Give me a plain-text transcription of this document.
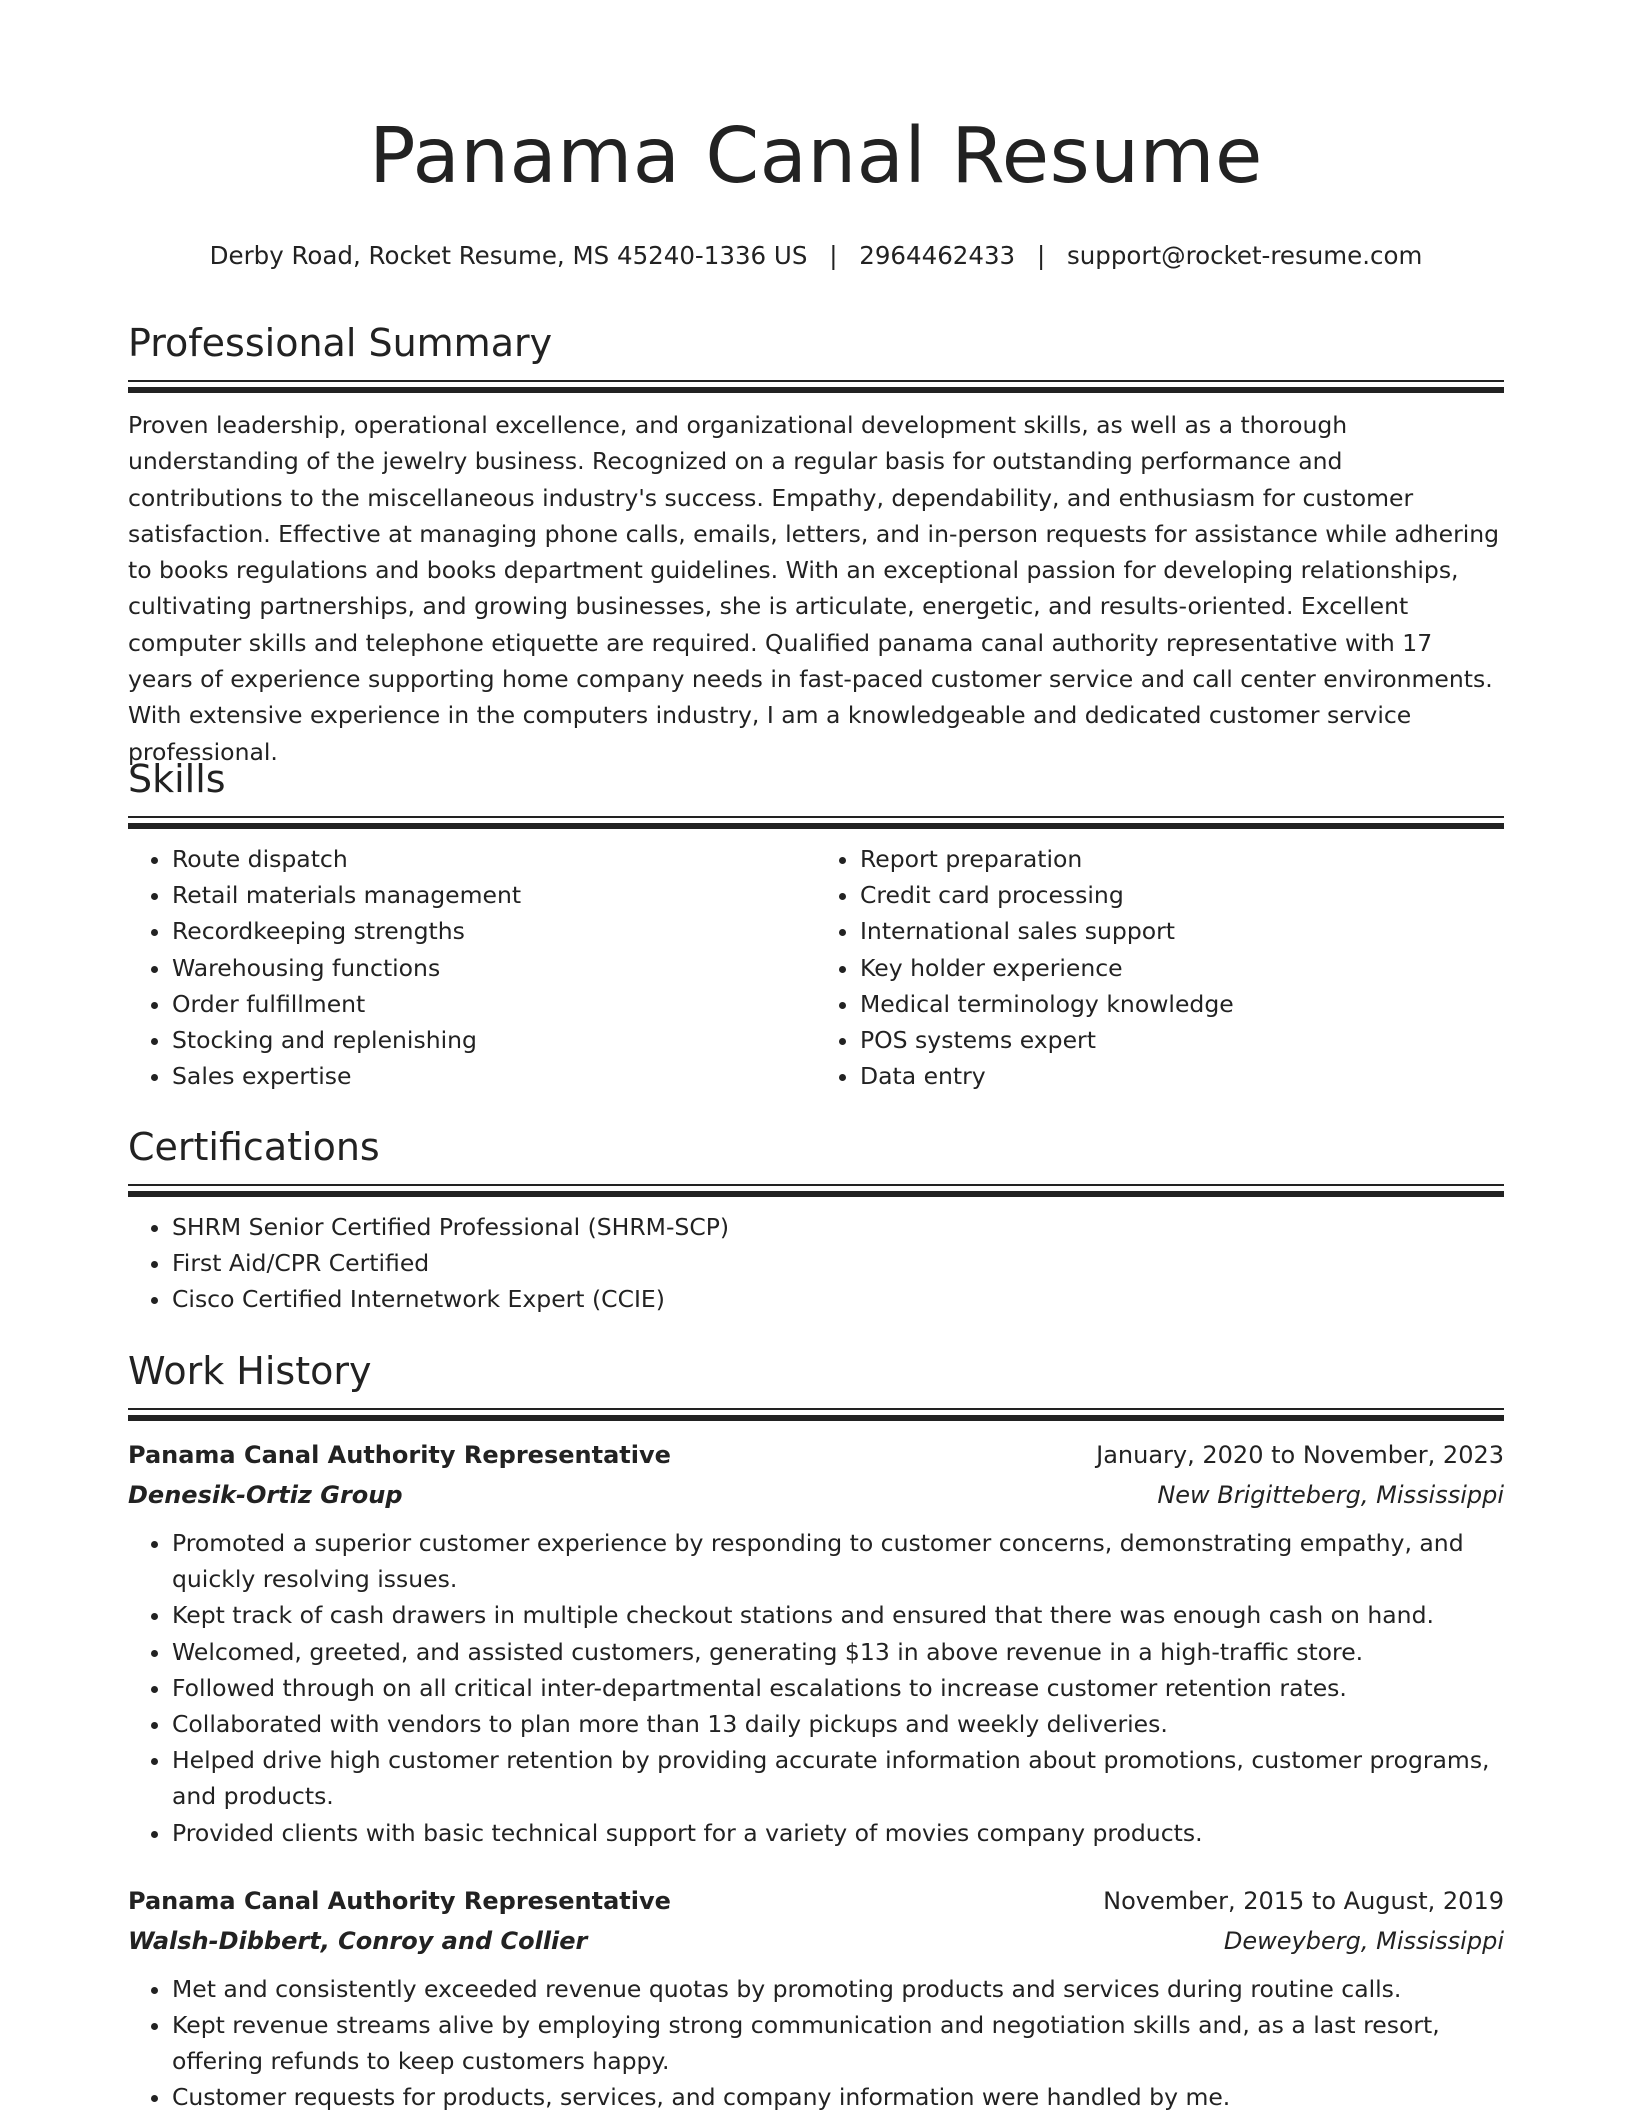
Panama Canal Resume
Derby Road, Rocket Resume, MS 45240-1336 US | 2964462433 | support@rocket-resume.com
Professional Summary

Proven leadership, operational excellence, and organizational development skills, as well as a thorough understanding of the jewelry business. Recognized on a regular basis for outstanding performance and contributions to the miscellaneous industry's success. Empathy, dependability, and enthusiasm for customer satisfaction. Effective at managing phone calls, emails, letters, and in-person requests for assistance while adhering to books regulations and books department guidelines. With an exceptional passion for developing relationships, cultivating partnerships, and growing businesses, she is articulate, energetic, and results-oriented. Excellent computer skills and telephone etiquette are required. Qualified panama canal authority representative with 17 years of experience supporting home company needs in fast-paced customer service and call center environments. With extensive experience in the computers industry, I am a knowledgeable and dedicated customer service professional.

Skills
• Route dispatch
• Retail materials management
• Recordkeeping strengths
• Warehousing functions
• Order fulfillment
• Stocking and replenishing
• Sales expertise
• Report preparation
• Credit card processing
• International sales support
• Key holder experience
• Medical terminology knowledge
• POS systems expert
• Data entry
Certifications
• SHRM Senior Certified Professional (SHRM-SCP)
• First Aid/CPR Certified
• Cisco Certified Internetwork Expert (CCIE)
Work History
Panama Canal Authority Representative	January, 2020 to November, 2023
Denesik-Ortiz Group	New Brigitteberg, Mississippi
• Promoted a superior customer experience by responding to customer concerns, demonstrating empathy, and quickly resolving issues.
• Kept track of cash drawers in multiple checkout stations and ensured that there was enough cash on hand.
• Welcomed, greeted, and assisted customers, generating $13 in above revenue in a high-traffic store.
• Followed through on all critical inter-departmental escalations to increase customer retention rates.
• Collaborated with vendors to plan more than 13 daily pickups and weekly deliveries.
• Helped drive high customer retention by providing accurate information about promotions, customer programs, and products.
• Provided clients with basic technical support for a variety of movies company products.
Panama Canal Authority Representative	November, 2015 to August, 2019
Walsh-Dibbert, Conroy and Collier	Deweyberg, Mississippi
• Met and consistently exceeded revenue quotas by promoting products and services during routine calls.
• Kept revenue streams alive by employing strong communication and negotiation skills and, as a last resort, offering refunds to keep customers happy.
• Customer requests for products, services, and company information were handled by me.
